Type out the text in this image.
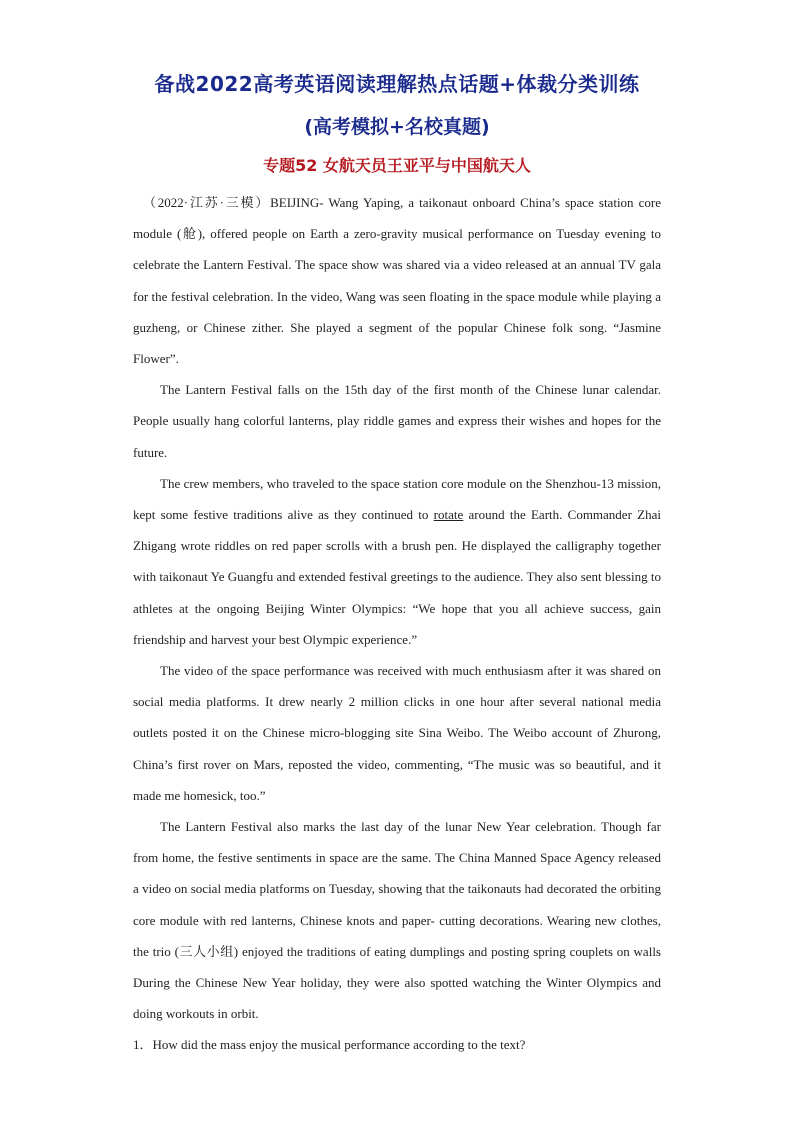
备战2022高考英语阅读理解热点话题+体裁分类训练
(高考模拟+名校真题)
专题52 女航天员王亚平与中国航天人

（2022·江苏·三模）BEIJING- Wang Yaping, a taikonaut onboard China’s space station core module (舱), offered people on Earth a zero-gravity musical performance on Tuesday evening to celebrate the Lantern Festival. The space show was shared via a video released at an annual TV gala for the festival celebration. In the video, Wang was seen floating in the space module while playing a guzheng, or Chinese zither. She played a segment of the popular Chinese folk song. “Jasmine Flower”.

The Lantern Festival falls on the 15th day of the first month of the Chinese lunar calendar. People usually hang colorful lanterns, play riddle games and express their wishes and hopes for the future.

The crew members, who traveled to the space station core module on the Shenzhou-13 mission, kept some festive traditions alive as they continued to rotate around the Earth. Commander Zhai Zhigang wrote riddles on red paper scrolls with a brush pen. He displayed the calligraphy together with taikonaut Ye Guangfu and extended festival greetings to the audience. They also sent blessing to athletes at the ongoing Beijing Winter Olympics: “We hope that you all achieve success, gain friendship and harvest your best Olympic experience.”

The video of the space performance was received with much enthusiasm after it was shared on social media platforms. It drew nearly 2 million clicks in one hour after several national media outlets posted it on the Chinese micro-blogging site Sina Weibo. The Weibo account of Zhurong, China’s first rover on Mars, reposted the video, commenting, “The music was so beautiful, and it made me homesick, too.”

The Lantern Festival also marks the last day of the lunar New Year celebration. Though far from home, the festive sentiments in space are the same. The China Manned Space Agency released a video on social media platforms on Tuesday, showing that the taikonauts had decorated the orbiting core module with red lanterns, Chinese knots and paper- cutting decorations. Wearing new clothes, the trio (三人小组) enjoyed the traditions of eating dumplings and posting spring couplets on walls During the Chinese New Year holiday, they were also spotted watching the Winter Olympics and doing workouts in orbit.

1．How did the mass enjoy the musical performance according to the text?
